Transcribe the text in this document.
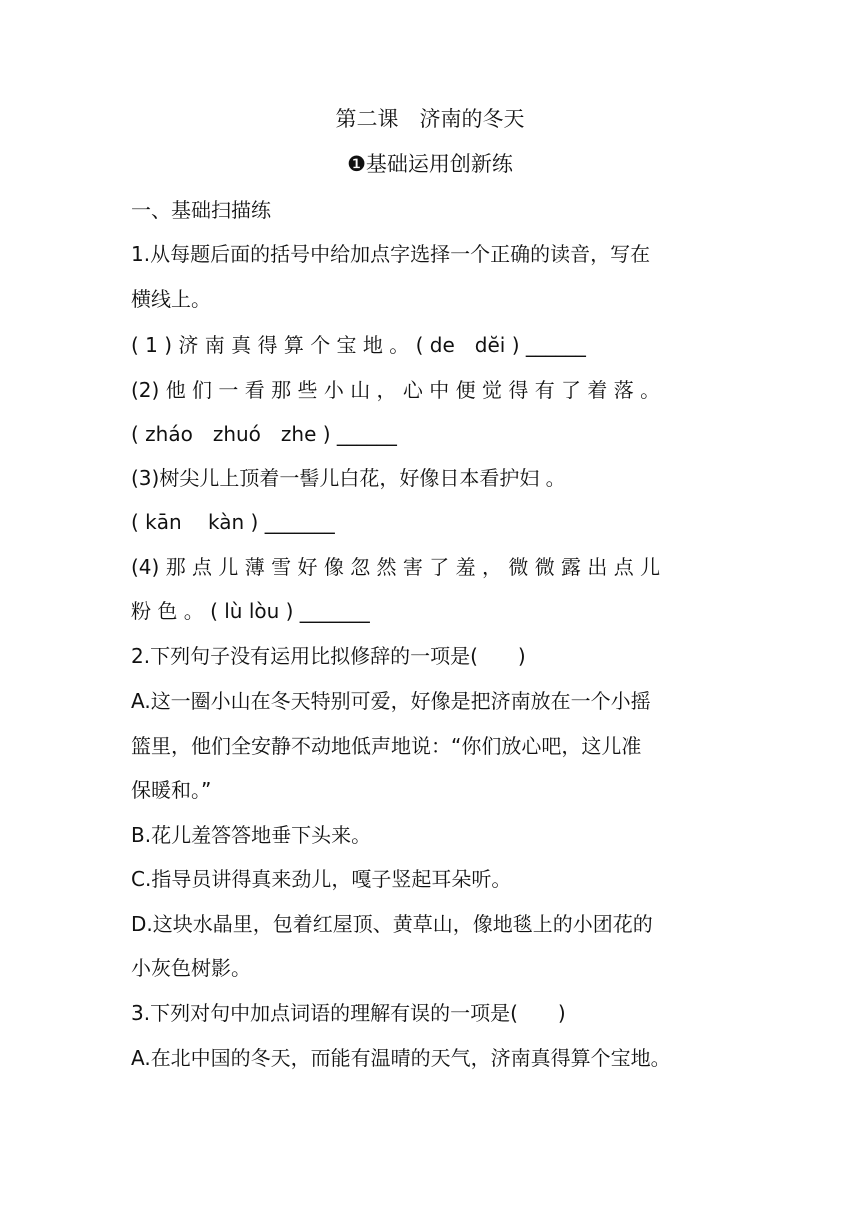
第二课　济南的冬天
❶基础运用创新练
一、基础扫描练
1.从每题后面的括号中给加点字选择一个正确的读音，写在
横线上。
( 1 ) 济 南 真 得 算 个 宝 地 。 ( de　dĕi ) ______
(2) 他 们 一 看 那 些 小 山 ， 心 中 便 觉 得 有 了 着 落 。
( zháo　zhuó　zhe ) ______
(3)树尖儿上顶着一髻儿白花，好像日本看护妇 。
( kān　 kàn ) _______
(4) 那 点 儿 薄 雪 好 像 忽 然 害 了 羞 ， 微 微 露 出 点 儿
粉 色 。 ( lù lòu ) _______
2.下列句子没有运用比拟修辞的一项是(　　)
A.这一圈小山在冬天特别可爱，好像是把济南放在一个小摇
篮里，他们全安静不动地低声地说：“你们放心吧，这儿准
保暖和。”
B.花儿羞答答地垂下头来。
C.指导员讲得真来劲儿，嘎子竖起耳朵听。
D.这块水晶里，包着红屋顶、黄草山，像地毯上的小团花的
小灰色树影。
3.下列对句中加点词语的理解有误的一项是(　　)
A.在北中国的冬天，而能有温晴的天气，济南真得算个宝地。
